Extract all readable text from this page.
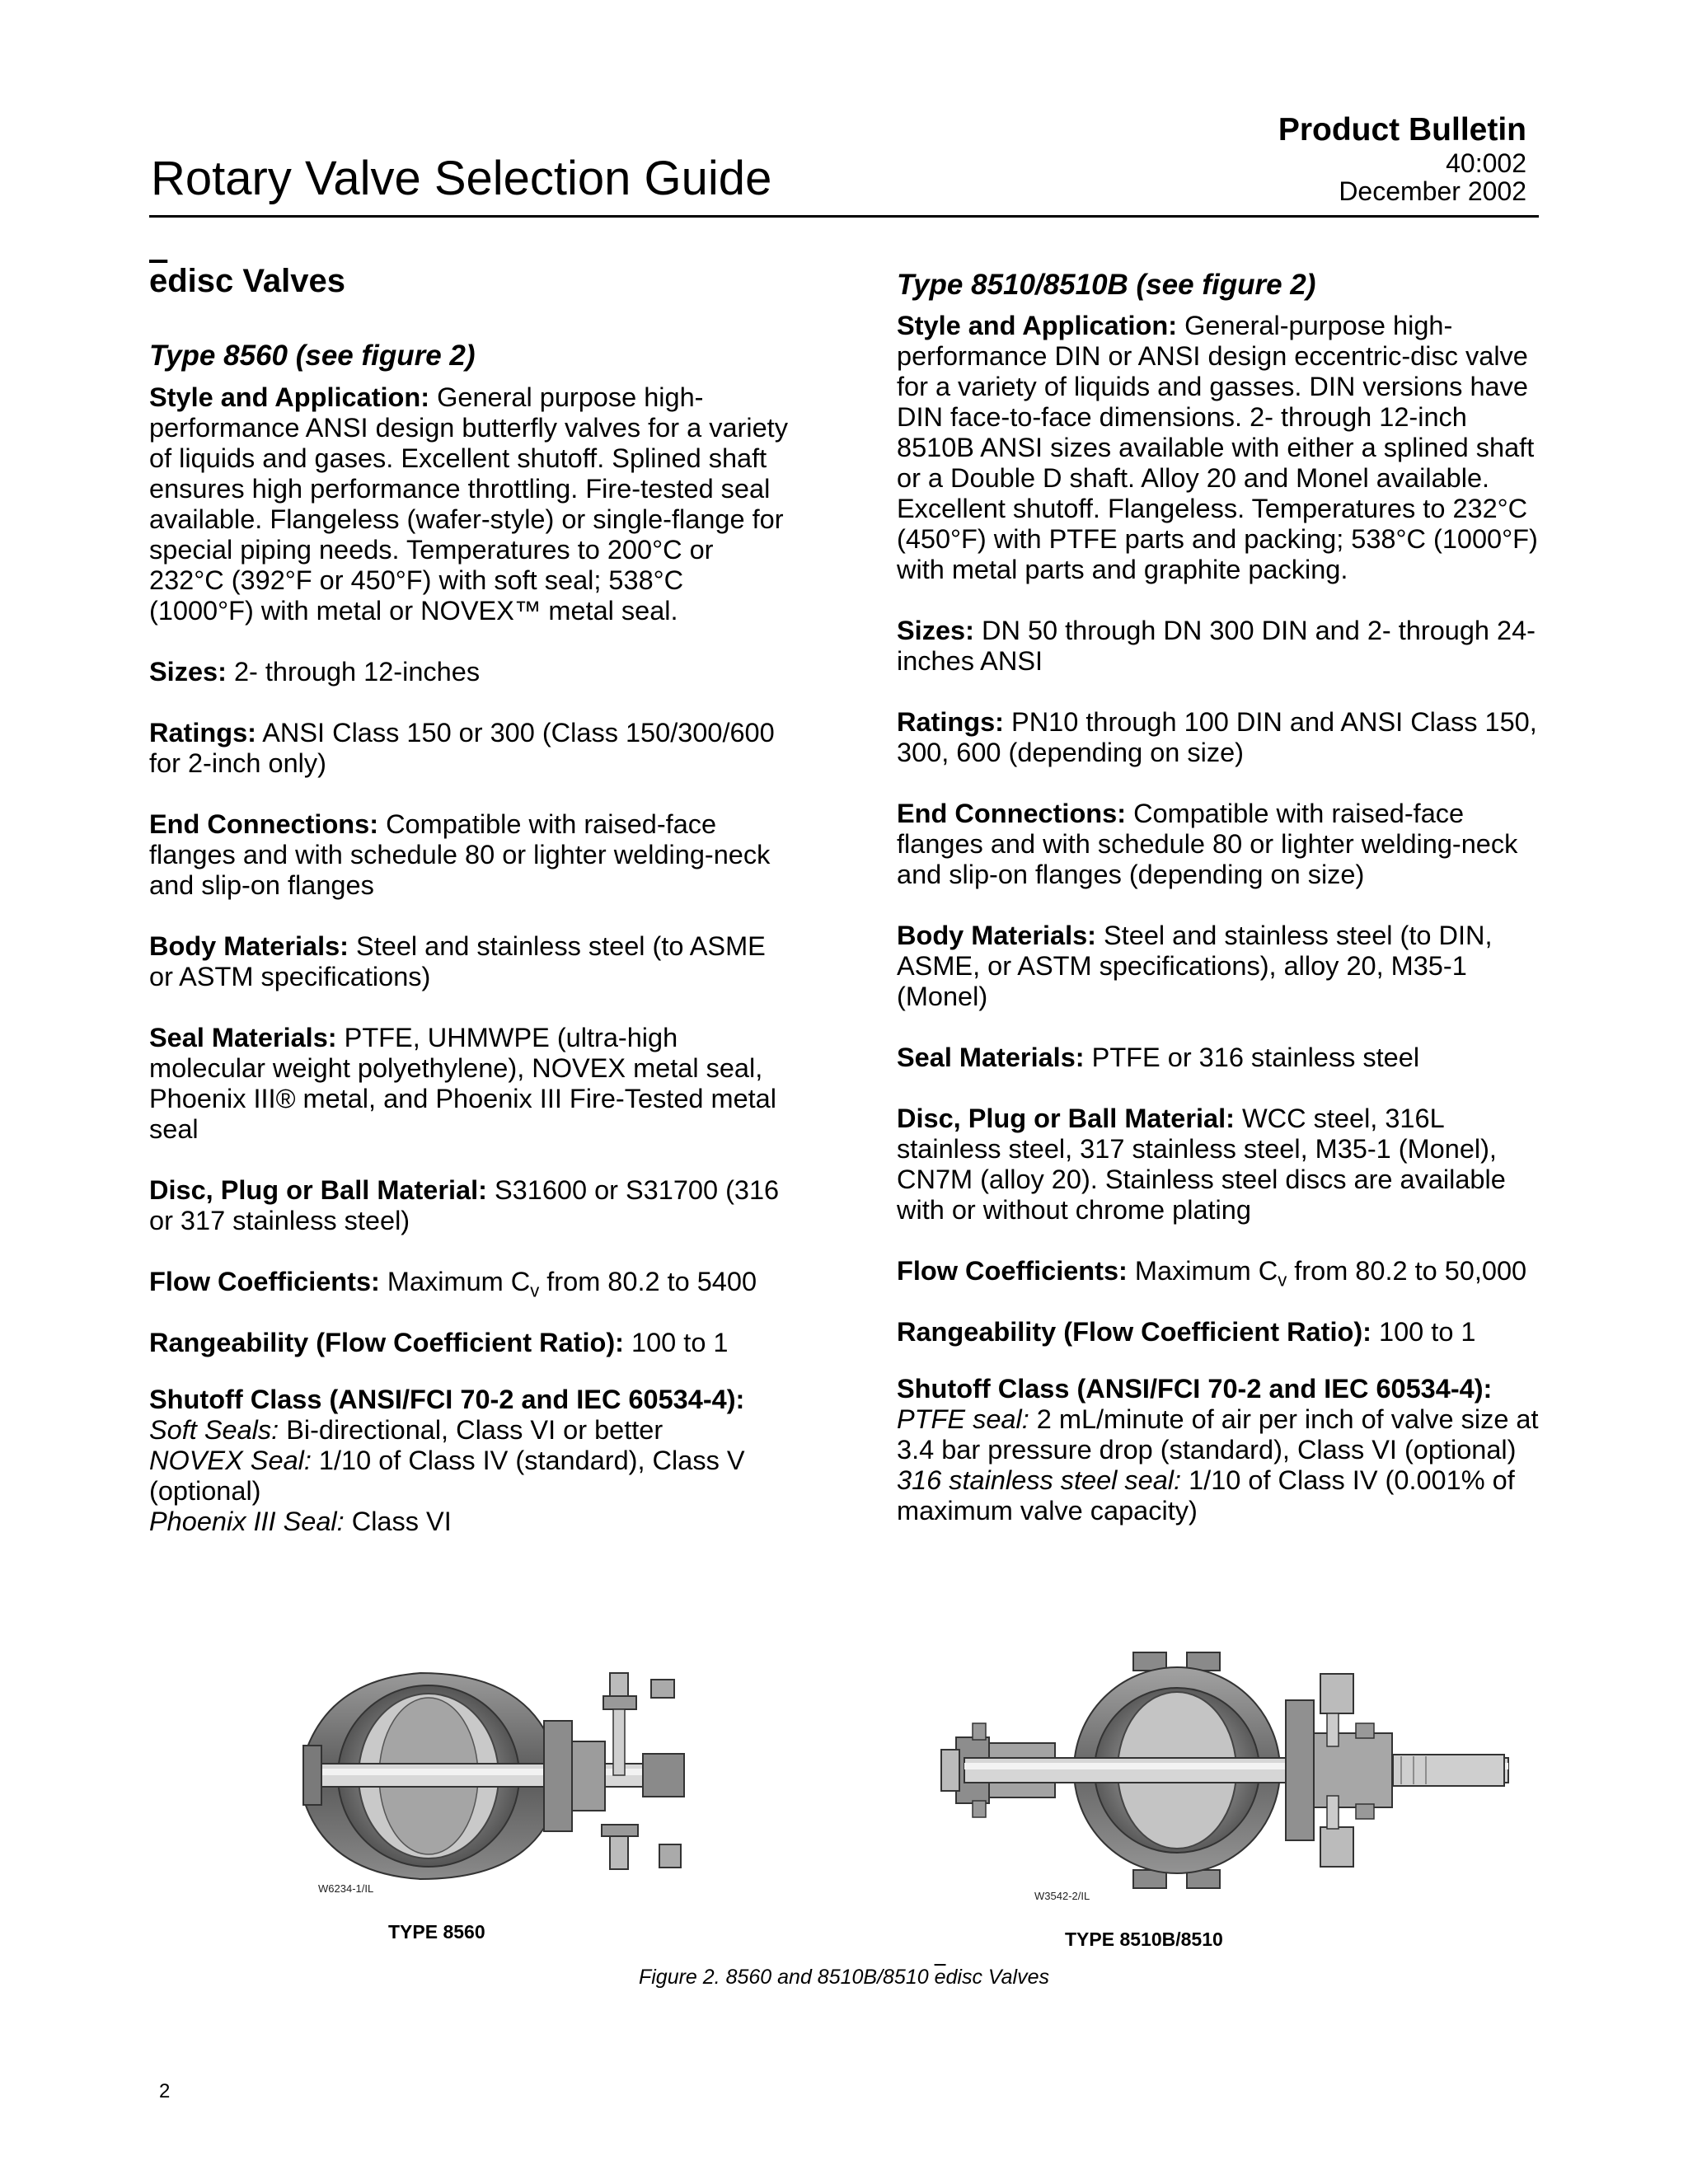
Product Bulletin
40:002
December 2002
Rotary Valve Selection Guide
edisc Valves
Type 8560 (see figure 2)

Style and Application: General purpose high-performance ANSI design butterfly valves for a variety of liquids and gases. Excellent shutoff. Splined shaft ensures high performance throttling. Fire-tested seal available. Flangeless (wafer-style) or single-flange for special piping needs. Temperatures to 200°C or 232°C (392°F or 450°F) with soft seal; 538°C (1000°F) with metal or NOVEX™ metal seal.

Sizes: 2- through 12-inches

Ratings: ANSI Class 150 or 300 (Class 150/300/600 for 2-inch only)

End Connections: Compatible with raised-face flanges and with schedule 80 or lighter welding-neck and slip-on flanges

Body Materials: Steel and stainless steel (to ASME or ASTM specifications)

Seal Materials: PTFE, UHMWPE (ultra-high molecular weight polyethylene), NOVEX metal seal, Phoenix III® metal, and Phoenix III Fire-Tested metal seal

Disc, Plug or Ball Material: S31600 or S31700 (316 or 317 stainless steel)

Flow Coefficients: Maximum $C_v$ from 80.2 to 5400

Rangeability (Flow Coefficient Ratio): 100 to 1

Shutoff Class (ANSI/FCI 70-2 and IEC 60534-4):

Soft Seals: Bi-directional, Class VI or better

NOVEX Seal: 1/10 of Class IV (standard), Class V (optional)

Phoenix III Seal: Class VI

Type 8510/8510B (see figure 2)

Style and Application: General-purpose high-performance DIN or ANSI design eccentric-disc valve for a variety of liquids and gasses. DIN versions have DIN face-to-face dimensions. 2- through 12-inch 8510B ANSI sizes available with either a splined shaft or a Double D shaft. Alloy 20 and Monel available. Excellent shutoff. Flangeless. Temperatures to 232°C (450°F) with PTFE parts and packing; 538°C (1000°F) with metal parts and graphite packing.

Sizes: DN 50 through DN 300 DIN and 2- through 24-inches ANSI

Ratings: PN10 through 100 DIN and ANSI Class 150, 300, 600 (depending on size)

End Connections: Compatible with raised-face flanges and with schedule 80 or lighter welding-neck and slip-on flanges (depending on size)

Body Materials: Steel and stainless steel (to DIN, ASME, or ASTM specifications), alloy 20, M35-1 (Monel)

Seal Materials: PTFE or 316 stainless steel

Disc, Plug or Ball Material: WCC steel, 316L stainless steel, 317 stainless steel, M35-1 (Monel), CN7M (alloy 20). Stainless steel discs are available with or without chrome plating

Flow Coefficients: Maximum $C_v$ from 80.2 to 50,000

Rangeability (Flow Coefficient Ratio): 100 to 1

Shutoff Class (ANSI/FCI 70-2 and IEC 60534-4):

PTFE seal: 2 mL/minute of air per inch of valve size at 3.4 bar pressure drop (standard), Class VI (optional)

316 stainless steel seal: 1/10 of Class IV (0.001% of maximum valve capacity)

W6234-1/IL
TYPE 8560
W3542-2/IL
TYPE 8510B/8510
Figure 2. 8560 and 8510B/8510 $\overline{e}disc$ Valves
2
